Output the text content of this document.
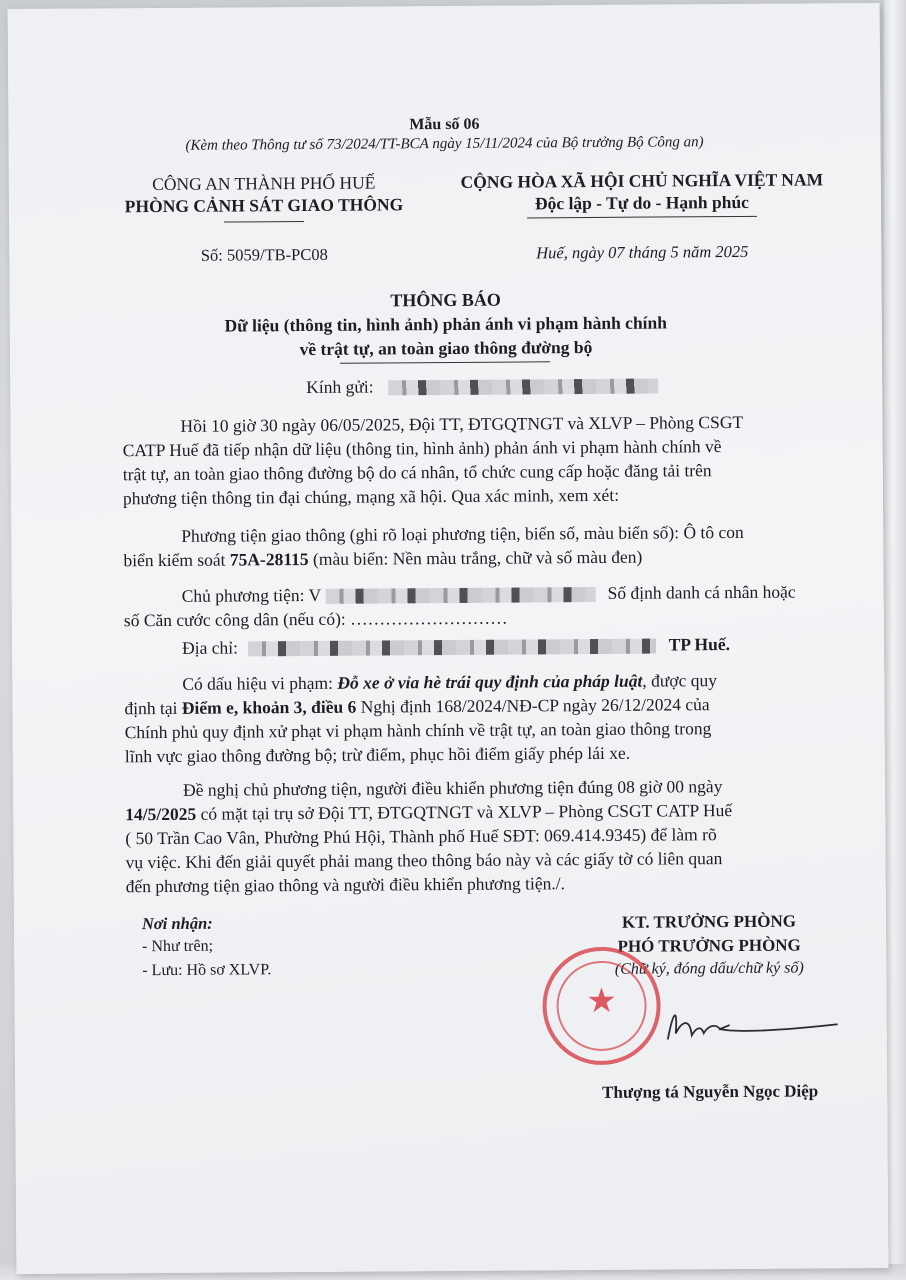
Mẫu số 06
(Kèm theo Thông tư số 73/2024/TT-BCA ngày 15/11/2024 của Bộ trưởng Bộ Công an)
CÔNG AN THÀNH PHỐ HUẾ
PHÒNG CẢNH SÁT GIAO THÔNG
Số: 5059/TB-PC08
CỘNG HÒA XÃ HỘI CHỦ NGHĨA VIỆT NAM
Độc lập - Tự do - Hạnh phúc
Huế, ngày 07 tháng 5 năm 2025
THÔNG BÁO
Dữ liệu (thông tin, hình ảnh) phản ánh vi phạm hành chính
về trật tự, an toàn giao thông đường bộ
Kính gửi:
Hồi 10 giờ 30 ngày 06/05/2025, Đội TT, ĐTGQTNGT và XLVP – Phòng CSGT
CATP Huế đã tiếp nhận dữ liệu (thông tin, hình ảnh) phản ánh vi phạm hành chính về
trật tự, an toàn giao thông đường bộ do cá nhân, tổ chức cung cấp hoặc đăng tải trên
phương tiện thông tin đại chúng, mạng xã hội. Qua xác minh, xem xét:
Phương tiện giao thông (ghi rõ loại phương tiện, biển số, màu biển số): Ô tô con
biển kiểm soát 75A-28115 (màu biển: Nền màu trắng, chữ và số màu đen)
Chủ phương tiện: V	Số định danh cá nhân hoặc
số Căn cước công dân (nếu có): ………………………
Địa chỉ:	TP Huế.
Có dấu hiệu vi phạm: Đỗ xe ở vỉa hè trái quy định của pháp luật, được quy
định tại Điểm e, khoản 3, điều 6 Nghị định 168/2024/NĐ-CP ngày 26/12/2024 của
Chính phủ quy định xử phạt vi phạm hành chính về trật tự, an toàn giao thông trong
lĩnh vực giao thông đường bộ; trừ điểm, phục hồi điểm giấy phép lái xe.
Đề nghị chủ phương tiện, người điều khiển phương tiện đúng 08 giờ 00 ngày
14/5/2025 có mặt tại trụ sở Đội TT, ĐTGQTNGT và XLVP – Phòng CSGT CATP Huế
( 50 Trần Cao Vân, Phường Phú Hội, Thành phố Huế SĐT: 069.414.9345) để làm rõ
vụ việc. Khi đến giải quyết phải mang theo thông báo này và các giấy tờ có liên quan
đến phương tiện giao thông và người điều khiển phương tiện./.
Nơi nhận:
- Như trên;
- Lưu: Hồ sơ XLVP.
KT. TRƯỞNG PHÒNG
PHÓ TRƯỞNG PHÒNG
(Chữ ký, đóng dấu/chữ ký số)
★
Thượng tá Nguyễn Ngọc Diệp
